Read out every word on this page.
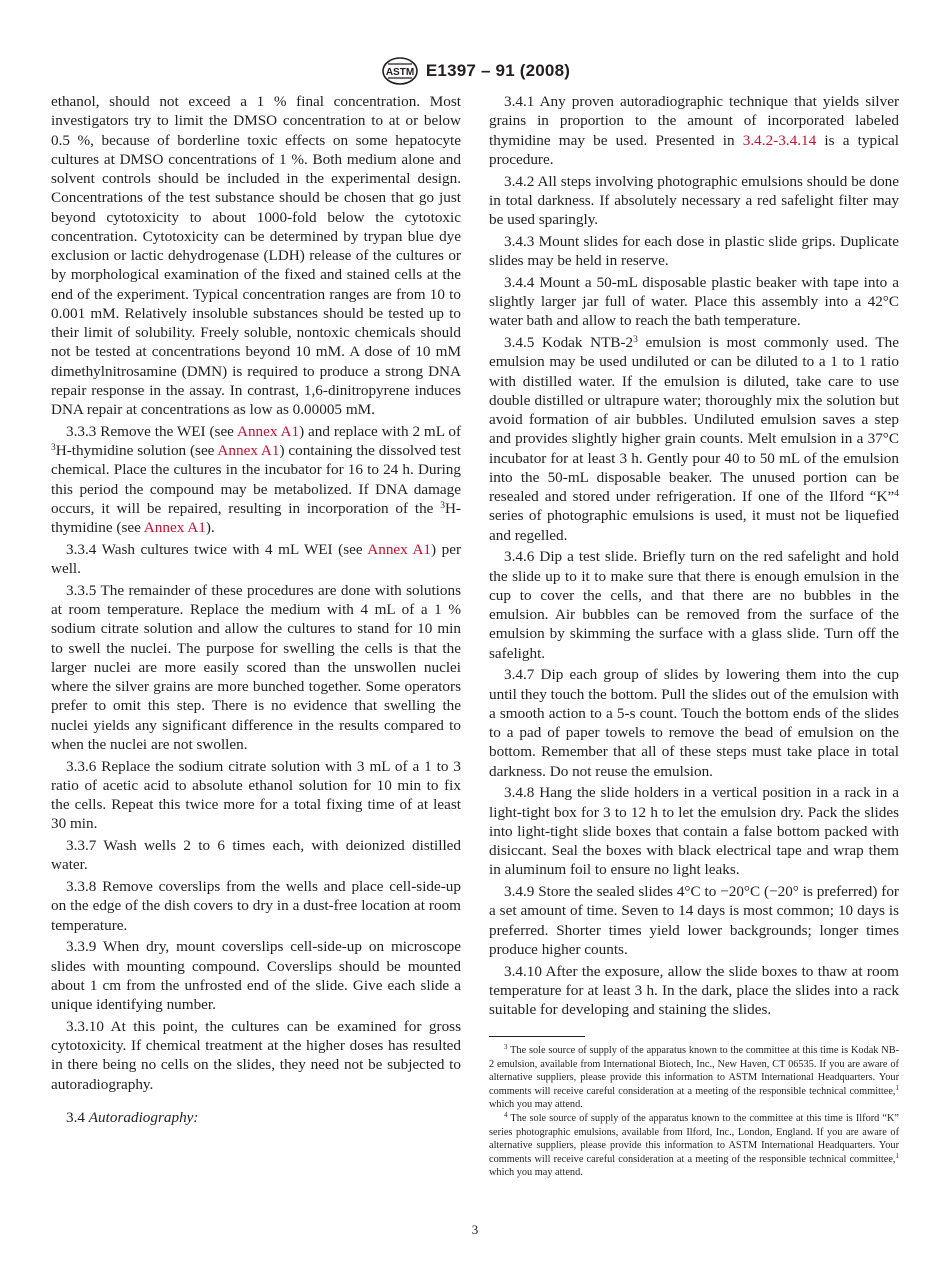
ASTM E1397 – 91 (2008)

ethanol, should not exceed a 1 % final concentration. Most investigators try to limit the DMSO concentration to at or below 0.5 %, because of borderline toxic effects on some hepatocyte cultures at DMSO concentrations of 1 %. Both medium alone and solvent controls should be included in the experimental design. Concentrations of the test substance should be chosen that go just beyond cytotoxicity to about 1000-fold below the cytotoxic concentration. Cytotoxicity can be determined by trypan blue dye exclusion or lactic dehydrogenase (LDH) release of the cultures or by morphological examination of the fixed and stained cells at the end of the experiment. Typical concentration ranges are from 10 to 0.001 mM. Relatively insoluble substances should be tested up to their limit of solubility. Freely soluble, nontoxic chemicals should not be tested at concentrations beyond 10 mM. A dose of 10 mM dimethylnitrosamine (DMN) is required to produce a strong DNA repair response in the assay. In contrast, 1,6-dinitropyrene induces DNA repair at concentrations as low as 0.00005 mM.

3.3.3 Remove the WEI (see Annex A1) and replace with 2 mL of $^3$H-thymidine solution (see Annex A1) containing the dissolved test chemical. Place the cultures in the incubator for 16 to 24 h. During this period the compound may be metabolized. If DNA damage occurs, it will be repaired, resulting in incorporation of the $^3$H-thymidine (see Annex A1).

3.3.4 Wash cultures twice with 4 mL WEI (see Annex A1) per well.

3.3.5 The remainder of these procedures are done with solutions at room temperature. Replace the medium with 4 mL of a 1 % sodium citrate solution and allow the cultures to stand for 10 min to swell the nuclei. The purpose for swelling the cells is that the larger nuclei are more easily scored than the unswollen nuclei where the silver grains are more bunched together. Some operators prefer to omit this step. There is no evidence that swelling the nuclei yields any significant difference in the results compared to when the nuclei are not swollen.

3.3.6 Replace the sodium citrate solution with 3 mL of a 1 to 3 ratio of acetic acid to absolute ethanol solution for 10 min to fix the cells. Repeat this twice more for a total fixing time of at least 30 min.

3.3.7 Wash wells 2 to 6 times each, with deionized distilled water.

3.3.8 Remove coverslips from the wells and place cell-side-up on the edge of the dish covers to dry in a dust-free location at room temperature.

3.3.9 When dry, mount coverslips cell-side-up on microscope slides with mounting compound. Coverslips should be mounted about 1 cm from the unfrosted end of the slide. Give each slide a unique identifying number.

3.3.10 At this point, the cultures can be examined for gross cytotoxicity. If chemical treatment at the higher doses has resulted in there being no cells on the slides, they need not be subjected to autoradiography.

3.4 Autoradiography:

3.4.1 Any proven autoradiographic technique that yields silver grains in proportion to the amount of incorporated labeled thymidine may be used. Presented in 3.4.2-3.4.14 is a typical procedure.

3.4.2 All steps involving photographic emulsions should be done in total darkness. If absolutely necessary a red safelight filter may be used sparingly.

3.4.3 Mount slides for each dose in plastic slide grips. Duplicate slides may be held in reserve.

3.4.4 Mount a 50-mL disposable plastic beaker with tape into a slightly larger jar full of water. Place this assembly into a 42°C water bath and allow to reach the bath temperature.

3.4.5 Kodak NTB-$2^3$ emulsion is most commonly used. The emulsion may be used undiluted or can be diluted to a 1 to 1 ratio with distilled water. If the emulsion is diluted, take care to use double distilled or ultrapure water; thoroughly mix the solution but avoid formation of air bubbles. Undiluted emulsion saves a step and provides slightly higher grain counts. Melt emulsion in a 37°C incubator for at least 3 h. Gently pour 40 to 50 mL of the emulsion into the 50-mL disposable beaker. The unused portion can be resealed and stored under refrigeration. If one of the Ilford “K”$^4$ series of photographic emulsions is used, it must not be liquefied and regelled.

3.4.6 Dip a test slide. Briefly turn on the red safelight and hold the slide up to it to make sure that there is enough emulsion in the cup to cover the cells, and that there are no bubbles in the emulsion. Air bubbles can be removed from the surface of the emulsion by skimming the surface with a glass slide. Turn off the safelight.

3.4.7 Dip each group of slides by lowering them into the cup until they touch the bottom. Pull the slides out of the emulsion with a smooth action to a 5-s count. Touch the bottom ends of the slides to a pad of paper towels to remove the bead of emulsion on the bottom. Remember that all of these steps must take place in total darkness. Do not reuse the emulsion.

3.4.8 Hang the slide holders in a vertical position in a rack in a light-tight box for 3 to 12 h to let the emulsion dry. Pack the slides into light-tight slide boxes that contain a false bottom packed with disiccant. Seal the boxes with black electrical tape and wrap them in aluminum foil to ensure no light leaks.

3.4.9 Store the sealed slides 4°C to −20°C (−20° is preferred) for a set amount of time. Seven to 14 days is most common; 10 days is preferred. Shorter times yield lower backgrounds; longer times produce higher counts.

3.4.10 After the exposure, allow the slide boxes to thaw at room temperature for at least 3 h. In the dark, place the slides into a rack suitable for developing and staining the slides.

$^3$ The sole source of supply of the apparatus known to the committee at this time is Kodak NB-2 emulsion, available from International Biotech, Inc., New Haven, CT 06535. If you are aware of alternative suppliers, please provide this information to ASTM International Headquarters. Your comments will receive careful consideration at a meeting of the responsible technical committee,$^1$ which you may attend.

$^4$ The sole source of supply of the apparatus known to the committee at this time is Ilford “K” series photographic emulsions, available from Ilford, Inc., London, England. If you are aware of alternative suppliers, please provide this information to ASTM International Headquarters. Your comments will receive careful consideration at a meeting of the responsible technical committee,$^1$ which you may attend.

3
